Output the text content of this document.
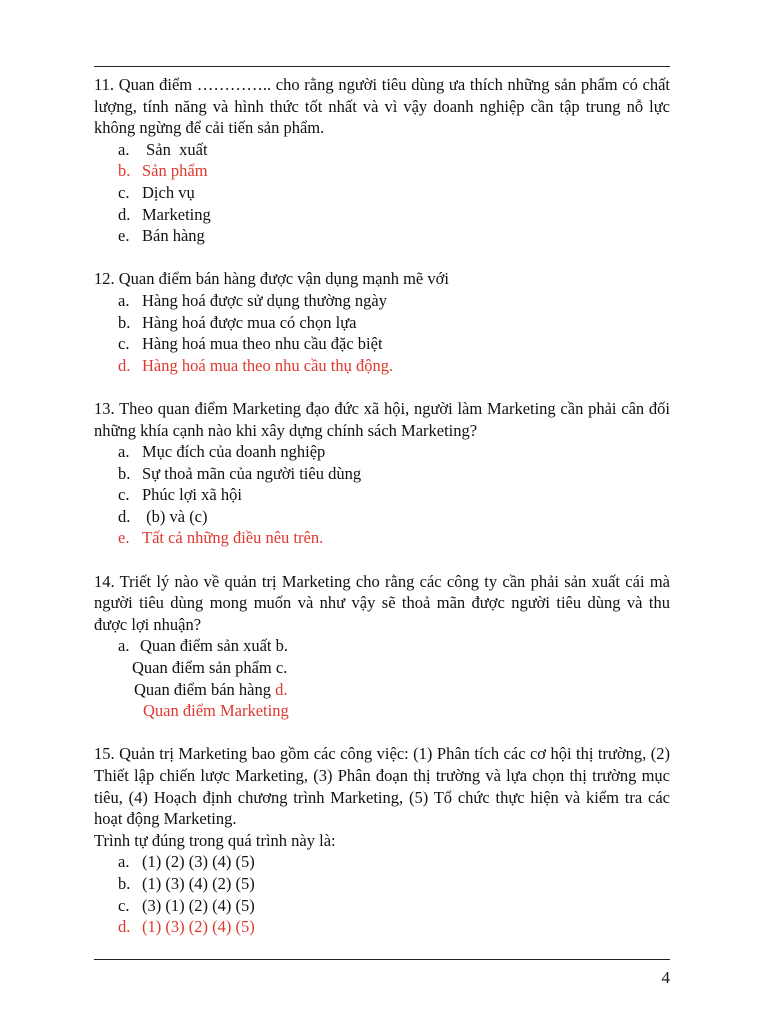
11. Quan điểm ………….. cho rằng người tiêu dùng ưa thích những sản phẩm có chất lượng, tính năng và hình thức tốt nhất và vì vậy doanh nghiệp cần tập trung nỗ lực không ngừng để cải tiến sản phẩm.

a. Sản  xuất
b. Sản phẩm
c. Dịch vụ
d. Marketing
e. Bán hàng

12. Quan điểm bán hàng được vận dụng mạnh mẽ với

a. Hàng hoá được sử dụng thường ngày
b. Hàng hoá được mua có chọn lựa
c. Hàng hoá mua theo nhu cầu đặc biệt
d. Hàng hoá mua theo nhu cầu thụ động.

13. Theo quan điểm Marketing đạo đức xã hội, người làm Marketing cần phải cân đối những khía cạnh nào khi xây dựng chính sách Marketing?

a. Mục đích của doanh nghiệp
b. Sự thoả mãn của người tiêu dùng
c. Phúc lợi xã hội
d. (b) và (c)
e. Tất cả những điều nêu trên.

14. Triết lý nào về quản trị Marketing cho rằng các công ty cần phải sản xuất cái mà người tiêu dùng mong muốn và như vậy sẽ thoả mãn được người tiêu dùng và thu được lợi nhuận?

a. Quan điểm sản xuất b.
Quan điểm sản phẩm c.
Quan điểm bán hàng d.
Quan điểm Marketing

15. Quản trị Marketing bao gồm các công việc: (1) Phân tích các cơ hội thị trường, (2) Thiết lập chiến lược Marketing, (3) Phân đoạn thị trường và lựa chọn thị trường mục tiêu, (4) Hoạch định chương trình Marketing, (5) Tổ chức thực hiện và kiểm tra các hoạt động Marketing.

Trình tự đúng trong quá trình này là:

a. (1) (2) (3) (4) (5)
b. (1) (3) (4) (2) (5)
c. (3) (1) (2) (4) (5)
d. (1) (3) (2) (4) (5)
4
